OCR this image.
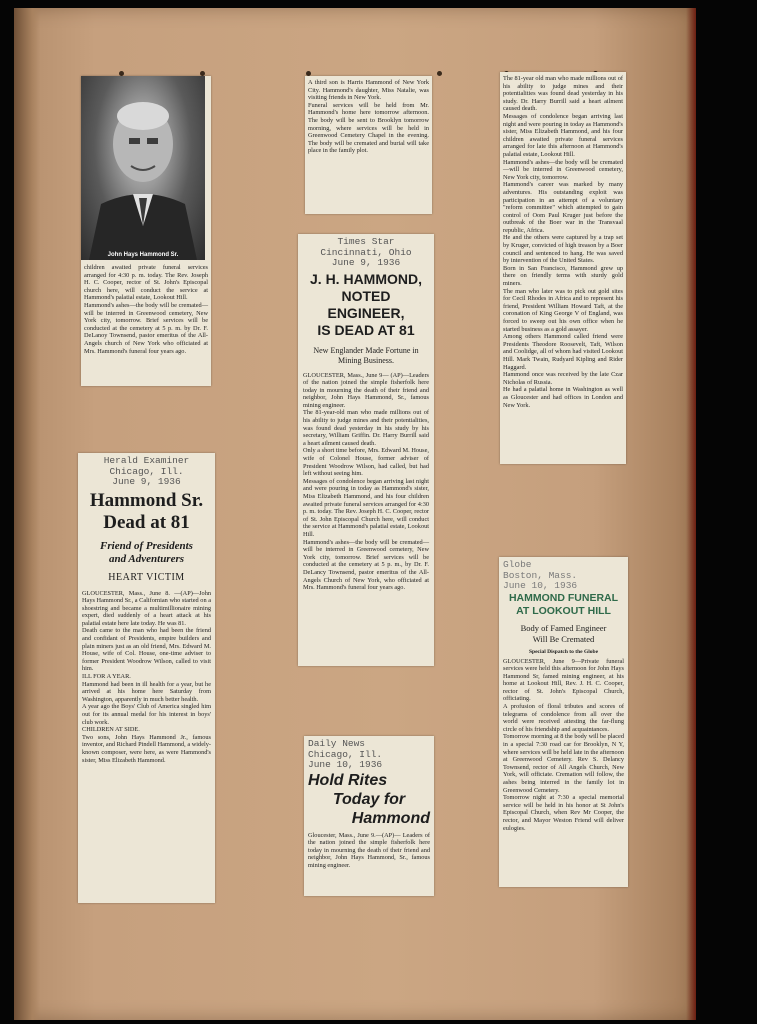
John Hays Hammond Sr.

children awaited private funeral services arranged for 4:30 p. m. today. The Rev. Joseph H. C. Cooper, rector of St. John's Episcopal church here, will conduct the service at Hammond's palatial estate, Lookout Hill.
Hammond's ashes—the body will be cremated—will be interred in Greenwood cemetery, New York city, tomorrow. Brief services will be conducted at the cemetery at 5 p. m. by Dr. F. DeLanoy Townsend, pastor emeritus of the All-Angels church of New York who officiated at Mrs. Hammond's funeral four years ago.

Herald Examiner
Chicago, Ill.
June 9, 1936

Hammond Sr.

Dead at 81

Friend of Presidents

and Adventurers

HEART VICTIM

GLOUCESTER, Mass., June 8. —(AP)—John Hays Hammond Sr., a Californian who started on a shoestring and became a multimillionaire mining expert, died suddenly of a heart attack at his palatial estate here late today. He was 81.
Death came to the man who had been the friend and confidant of Presidents, empire builders and plain miners just as an old friend, Mrs. Edward M. House, wife of Col. House, one-time adviser to former President Woodrow Wilson, called to visit him.
ILL FOR A YEAR.
Hammond had been in ill health for a year, but he arrived at his home here Saturday from Washington, apparently in much better health.
A year ago the Boys' Club of America singled him out for its annual medal for his interest in boys' club work.
CHILDREN AT SIDE.
Two sons, John Hays Hammond Jr., famous inventor, and Richard Pindell Hammond, a widely-known composer, were here, as were Hammond's sister, Miss Elizabeth Hammond.

A third son is Harris Hammond of New York City. Hammond's daughter, Miss Natalie, was visiting friends in New York.
Funeral services will be held from Mr. Hammond's home here tomorrow afternoon. The body will be sent to Brooklyn tomorrow morning, where services will be held in Greenwood Cemetery Chapel in the evening. The body will be cremated and burial will take place in the family plot.

Times Star
Cincinnati, Ohio
June 9, 1936

J. H. HAMMOND,

NOTED ENGINEER,

IS DEAD AT 81

New Englander Made Fortune in Mining Business.

GLOUCESTER, Mass., June 9— (AP)—Leaders of the nation joined the simple fisherfolk here today in mourning the death of their friend and neighbor, John Hays Hammond, Sr., famous mining engineer.
The 81-year-old man who made millions out of his ability to judge mines and their potentialities, was found dead yesterday in his study by his secretary, William Griffin. Dr. Harry Burrill said a heart ailment caused death.
Only a short time before, Mrs. Edward M. House, wife of Colonel House, former adviser of President Woodrow Wilson, had called, but had left without seeing him.
Messages of condolence began arriving last night and were pouring in today as Hammond's sister, Miss Elizabeth Hammond, and his four children awaited private funeral services arranged for 4:30 p. m. today. The Rev. Joseph H. C. Cooper, rector of St. John Episcopal Church here, will conduct the service at Hammond's palatial estate, Lookout Hill.
Hammond's ashes—the body will be cremated—will be interred in Greenwood cemetery, New York city, tomorrow. Brief services will be conducted at the cemetery at 5 p. m., by Dr. F. DeLancy Townsend, pastor emeritus of the All-Angels Church of New York, who officiated at Mrs. Hammond's funeral four years ago.

Daily News
Chicago, Ill.
June 10, 1936

Hold Rites

Today for

Hammond

Gloucester, Mass., June 9.—(AP)— Leaders of the nation joined the simple fisherfolk here today in mourning the death of their friend and neighbor, John Hays Hammond, Sr., famous mining engineer.

The 81-year old man who made millions out of his ability to judge mines and their potentialities was found dead yesterday in his study. Dr. Harry Burrill said a heart ailment caused death.
Messages of condolence began arriving last night and were pouring in today as Hammond's sister, Miss Elizabeth Hammond, and his four children awaited private funeral services arranged for late this afternoon at Hammond's palatial estate, Lookout Hill.
Hammond's ashes—the body will be cremated—will be interred in Greenwood cemetery, New York city, tomorrow.
Hammond's career was marked by many adventures. His outstanding exploit was participation in an attempt of a voluntary "reform committee" which attempted to gain control of Oom Paul Kruger just before the outbreak of the Boer war in the Transvaal republic, Africa.
He and the others were captured by a trap set by Kruger, convicted of high treason by a Boer council and sentenced to hang. He was saved by intervention of the United States.
Born in San Francisco, Hammond grew up there on friendly terms with sturdy gold miners.
The man who later was to pick out gold sites for Cecil Rhodes in Africa and to represent his friend, President William Howard Taft, at the coronation of King George V of England, was forced to sweep out his own office when he started business as a gold assayer.
Among others Hammond called friend were Presidents Theodore Roosevelt, Taft, Wilson and Coolidge, all of whom had visited Lookout Hill. Mark Twain, Rudyard Kipling and Rider Haggard.
Hammond once was received by the late Czar Nicholas of Russia.
He had a palatial home in Washington as well as Gloucester and had offices in London and New York.

Globe
Boston, Mass.
June 10, 1936

HAMMOND FUNERAL

AT LOOKOUT HILL

Body of Famed Engineer

Will Be Cremated

Special Dispatch to the Globe

GLOUCESTER, June 9—Private funeral services were held this afternoon for John Hays Hammond Sr, famed mining engineer, at his home at Lookout Hill, Rev. J. H. C. Cooper, rector of St. John's Episcopal Church, officiating.
A profusion of floral tributes and scores of telegrams of condolence from all over the world were received attesting the far-flung circle of his friendship and acquaintances.
Tomorrow morning at 8 the body will be placed in a special 7:30 road car for Brooklyn, N Y, where services will be held late in the afternoon at Greenwood Cemetery. Rev S. Delancy Townsend, rector of All Angels Church, New York, will officiate. Cremation will follow, the ashes being interred in the family lot in Greenwood Cemetery.
Tomorrow night at 7:30 a special memorial service will be held in his honor at St John's Episcopal Church, when Rev Mr Cooper, the rector, and Mayor Weston Friend will deliver eulogies.
